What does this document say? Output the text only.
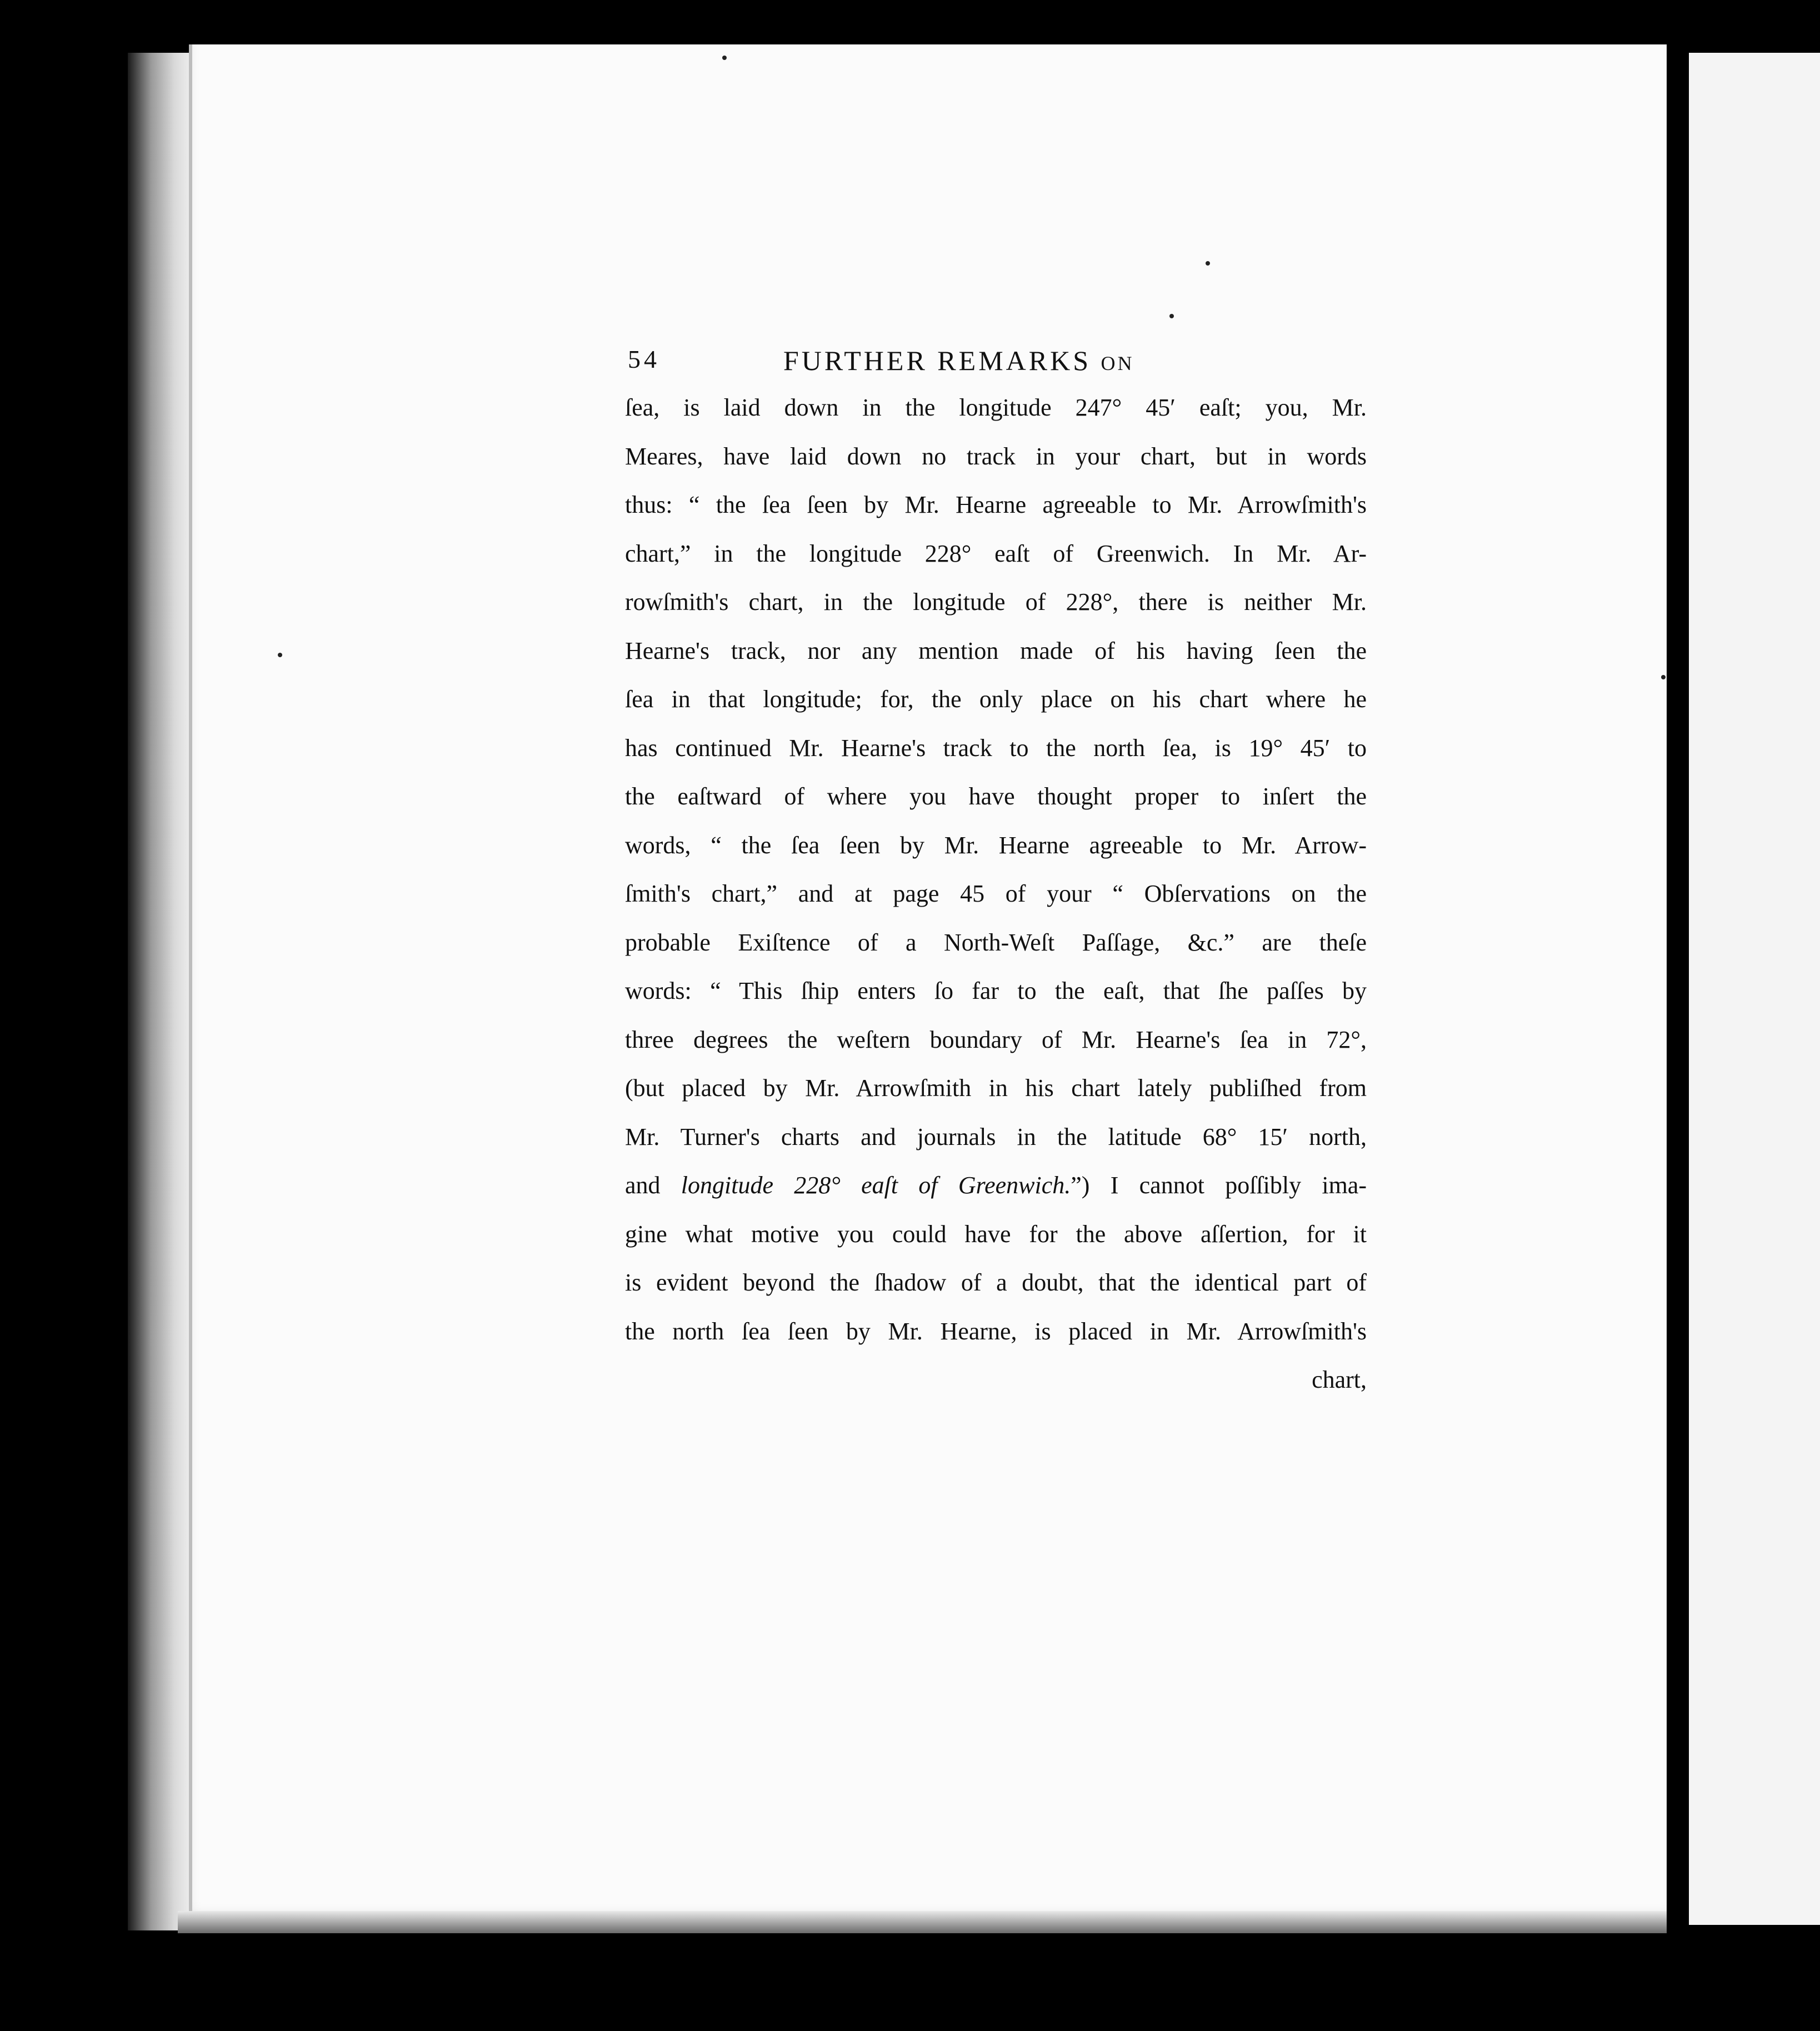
54	FURTHER REMARKS ON
ſea, is laid down in the longitude 247° 45′ eaſt; you, Mr.
Meares, have laid down no track in your chart, but in words
thus: “ the ſea ſeen by Mr. Hearne agreeable to Mr. Arrowſmith's
chart,” in the longitude 228° eaſt of Greenwich. In Mr. Ar-
rowſmith's chart, in the longitude of 228°, there is neither Mr.
Hearne's track, nor any mention made of his having ſeen the
ſea in that longitude; for, the only place on his chart where he
has continued Mr. Hearne's track to the north ſea, is 19° 45′ to
the eaſtward of where you have thought proper to inſert the
words, “ the ſea ſeen by Mr. Hearne agreeable to Mr. Arrow-
ſmith's chart,” and at page 45 of your “ Obſervations on the
probable Exiſtence of a North-Weſt Paſſage, &c.” are theſe
words: “ This ſhip enters ſo far to the eaſt, that ſhe paſſes by
three degrees the weſtern boundary of Mr. Hearne's ſea in 72°,
(but placed by Mr. Arrowſmith in his chart lately publiſhed from
Mr. Turner's charts and journals in the latitude 68° 15′ north,
and longitude 228° eaſt of Greenwich.”) I cannot poſſibly ima-
gine what motive you could have for the above aſſertion, for it
is evident beyond the ſhadow of a doubt, that the identical part of
the north ſea ſeen by Mr. Hearne, is placed in Mr. Arrowſmith's
chart,
